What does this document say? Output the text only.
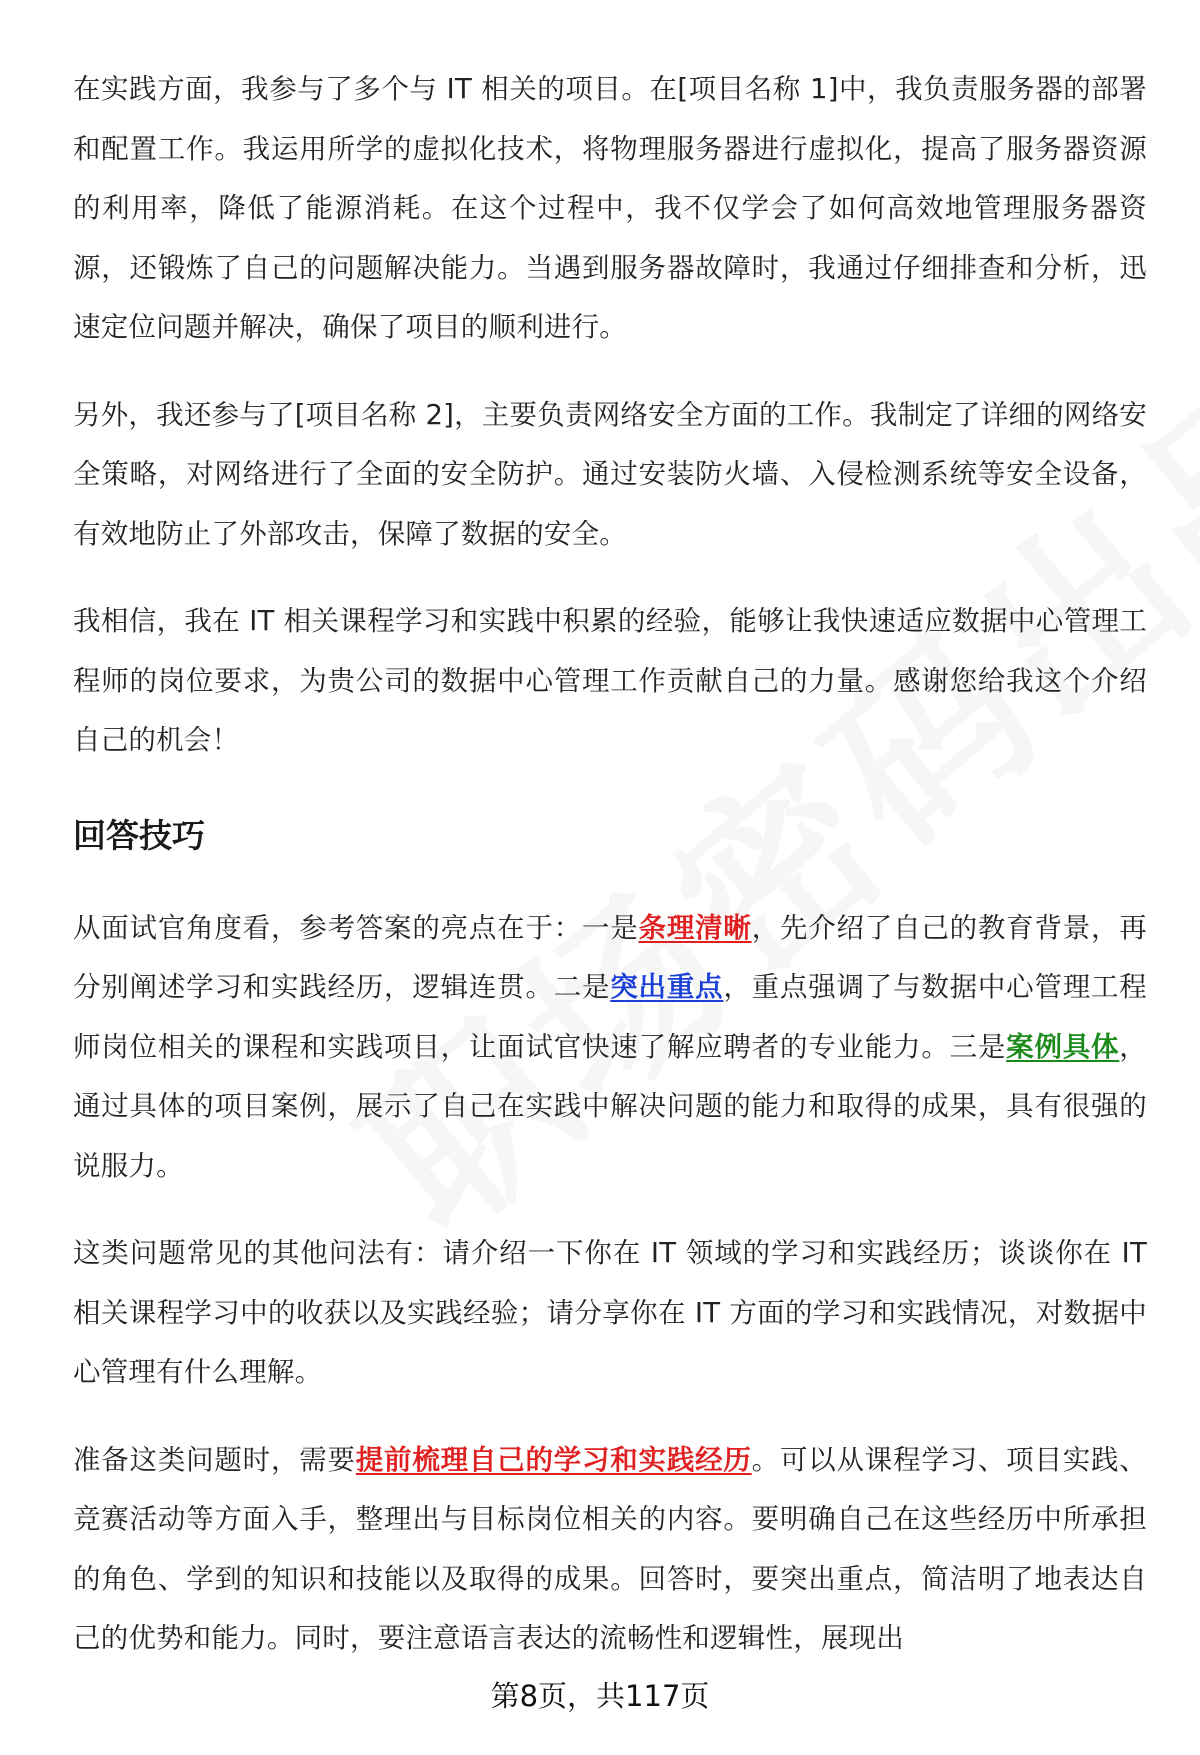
在实践方面，我参与了多个与 IT 相关的项目。在[项目名称 1]中，我负责服务器的部署和配置工作。我运用所学的虚拟化技术，将物理服务器进行虚拟化，提高了服务器资源的利用率，降低了能源消耗。在这个过程中，我不仅学会了如何高效地管理服务器资源，还锻炼了自己的问题解决能力。当遇到服务器故障时，我通过仔细排查和分析，迅速定位问题并解决，确保了项目的顺利进行。

另外，我还参与了[项目名称 2]，主要负责网络安全方面的工作。我制定了详细的网络安全策略，对网络进行了全面的安全防护。通过安装防火墙、入侵检测系统等安全设备，有效地防止了外部攻击，保障了数据的安全。

我相信，我在 IT 相关课程学习和实践中积累的经验，能够让我快速适应数据中心管理工程师的岗位要求，为贵公司的数据中心管理工作贡献自己的力量。感谢您给我这个介绍自己的机会！

回答技巧

从面试官角度看，参考答案的亮点在于：一是条理清晰，先介绍了自己的教育背景，再分别阐述学习和实践经历，逻辑连贯。二是突出重点，重点强调了与数据中心管理工程师岗位相关的课程和实践项目，让面试官快速了解应聘者的专业能力。三是案例具体，通过具体的项目案例，展示了自己在实践中解决问题的能力和取得的成果，具有很强的说服力。

这类问题常见的其他问法有：请介绍一下你在 IT 领域的学习和实践经历；谈谈你在 IT 相关课程学习中的收获以及实践经验；请分享你在 IT 方面的学习和实践情况，对数据中心管理有什么理解。

准备这类问题时，需要提前梳理自己的学习和实践经历。可以从课程学习、项目实践、竞赛活动等方面入手，整理出与目标岗位相关的内容。要明确自己在这些经历中所承担的角色、学到的知识和技能以及取得的成果。回答时，要突出重点，简洁明了地表达自己的优势和能力。同时，要注意语言表达的流畅性和逻辑性，展现出

第8页，共117页
